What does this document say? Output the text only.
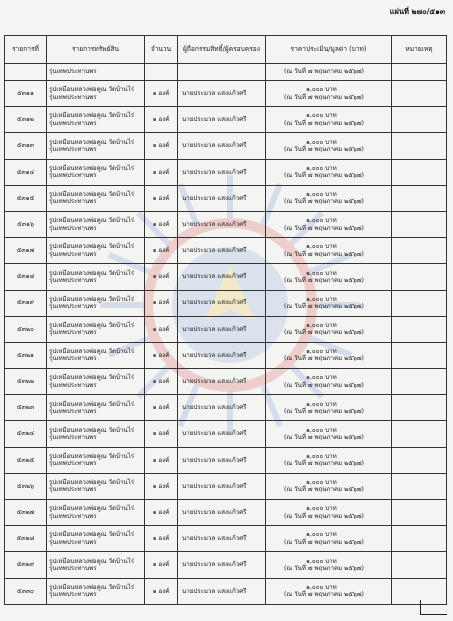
แผ่นที่ ๒๗๐/๕๑๓
รายการที่	รายการทรัพย์สิน	จำนวน	ผู้ถือกรรมสิทธิ์/ผู้ครอบครอง	ราคาประเมิน/มูลค่า (บาท)	หมายเหตุ
	รุ่นเทพประทานพร			(ณ วันที่ ๗ พฤษภาคม ๒๕๖๗)	

๕๓๑๑	รูปเหมือนหลวงพ่อคูณ วัดบ้านไร่
รุ่นเทพประทานพร	๑ องค์	นายประมวล แสงแก้วศรี	๑,๐๐๐ บาท
(ณ วันที่ ๗ พฤษภาคม ๒๕๖๗)	

๕๓๑๒	รูปเหมือนหลวงพ่อคูณ วัดบ้านไร่
รุ่นเทพประทานพร	๑ องค์	นายประมวล แสงแก้วศรี	๑,๐๐๐ บาท
(ณ วันที่ ๗ พฤษภาคม ๒๕๖๗)	

๕๓๑๓	รูปเหมือนหลวงพ่อคูณ วัดบ้านไร่
รุ่นเทพประทานพร	๑ องค์	นายประมวล แสงแก้วศรี	๑,๐๐๐ บาท
(ณ วันที่ ๗ พฤษภาคม ๒๕๖๗)	

๕๓๑๔	รูปเหมือนหลวงพ่อคูณ วัดบ้านไร่
รุ่นเทพประทานพร	๑ องค์	นายประมวล แสงแก้วศรี	๑,๐๐๐ บาท
(ณ วันที่ ๗ พฤษภาคม ๒๕๖๗)	

๕๓๑๕	รูปเหมือนหลวงพ่อคูณ วัดบ้านไร่
รุ่นเทพประทานพร	๑ องค์	นายประมวล แสงแก้วศรี	๑,๐๐๐ บาท
(ณ วันที่ ๗ พฤษภาคม ๒๕๖๗)	

๕๓๑๖	รูปเหมือนหลวงพ่อคูณ วัดบ้านไร่
รุ่นเทพประทานพร	๑ องค์	นายประมวล แสงแก้วศรี	๑,๐๐๐ บาท
(ณ วันที่ ๗ พฤษภาคม ๒๕๖๗)	

๕๓๑๗	รูปเหมือนหลวงพ่อคูณ วัดบ้านไร่
รุ่นเทพประทานพร	๑ องค์	นายประมวล แสงแก้วศรี	๑,๐๐๐ บาท
(ณ วันที่ ๗ พฤษภาคม ๒๕๖๗)	

๕๓๑๘	รูปเหมือนหลวงพ่อคูณ วัดบ้านไร่
รุ่นเทพประทานพร	๑ องค์	นายประมวล แสงแก้วศรี	๑,๐๐๐ บาท
(ณ วันที่ ๗ พฤษภาคม ๒๕๖๗)	

๕๓๑๙	รูปเหมือนหลวงพ่อคูณ วัดบ้านไร่
รุ่นเทพประทานพร	๑ องค์	นายประมวล แสงแก้วศรี	๑,๐๐๐ บาท
(ณ วันที่ ๗ พฤษภาคม ๒๕๖๗)	

๕๓๒๐	รูปเหมือนหลวงพ่อคูณ วัดบ้านไร่
รุ่นเทพประทานพร	๑ องค์	นายประมวล แสงแก้วศรี	๑,๐๐๐ บาท
(ณ วันที่ ๗ พฤษภาคม ๒๕๖๗)	

๕๓๒๑	รูปเหมือนหลวงพ่อคูณ วัดบ้านไร่
รุ่นเทพประทานพร	๑ องค์	นายประมวล แสงแก้วศรี	๑,๐๐๐ บาท
(ณ วันที่ ๗ พฤษภาคม ๒๕๖๗)	

๕๓๒๒	รูปเหมือนหลวงพ่อคูณ วัดบ้านไร่
รุ่นเทพประทานพร	๑ องค์	นายประมวล แสงแก้วศรี	๑,๐๐๐ บาท
(ณ วันที่ ๗ พฤษภาคม ๒๕๖๗)	

๕๓๒๓	รูปเหมือนหลวงพ่อคูณ วัดบ้านไร่
รุ่นเทพประทานพร	๑ องค์	นายประมวล แสงแก้วศรี	๑,๐๐๐ บาท
(ณ วันที่ ๗ พฤษภาคม ๒๕๖๗)	

๕๓๒๔	รูปเหมือนหลวงพ่อคูณ วัดบ้านไร่
รุ่นเทพประทานพร	๑ องค์	นายประมวล แสงแก้วศรี	๑,๐๐๐ บาท
(ณ วันที่ ๗ พฤษภาคม ๒๕๖๗)	

๕๓๒๕	รูปเหมือนหลวงพ่อคูณ วัดบ้านไร่
รุ่นเทพประทานพร	๑ องค์	นายประมวล แสงแก้วศรี	๑,๐๐๐ บาท
(ณ วันที่ ๗ พฤษภาคม ๒๕๖๗)	

๕๓๒๖	รูปเหมือนหลวงพ่อคูณ วัดบ้านไร่
รุ่นเทพประทานพร	๑ องค์	นายประมวล แสงแก้วศรี	๑,๐๐๐ บาท
(ณ วันที่ ๗ พฤษภาคม ๒๕๖๗)	

๕๓๒๗	รูปเหมือนหลวงพ่อคูณ วัดบ้านไร่
รุ่นเทพประทานพร	๑ องค์	นายประมวล แสงแก้วศรี	๑,๐๐๐ บาท
(ณ วันที่ ๗ พฤษภาคม ๒๕๖๗)	

๕๓๒๘	รูปเหมือนหลวงพ่อคูณ วัดบ้านไร่
รุ่นเทพประทานพร	๑ องค์	นายประมวล แสงแก้วศรี	๑,๐๐๐ บาท
(ณ วันที่ ๗ พฤษภาคม ๒๕๖๗)	

๕๓๒๙	รูปเหมือนหลวงพ่อคูณ วัดบ้านไร่
รุ่นเทพประทานพร	๑ องค์	นายประมวล แสงแก้วศรี	๑,๐๐๐ บาท
(ณ วันที่ ๗ พฤษภาคม ๒๕๖๗)	

๕๓๓๐	รูปเหมือนหลวงพ่อคูณ วัดบ้านไร่
รุ่นเทพประทานพร	๑ องค์	นายประมวล แสงแก้วศรี	๑,๐๐๐ บาท
(ณ วันที่ ๗ พฤษภาคม ๒๕๖๗)	
